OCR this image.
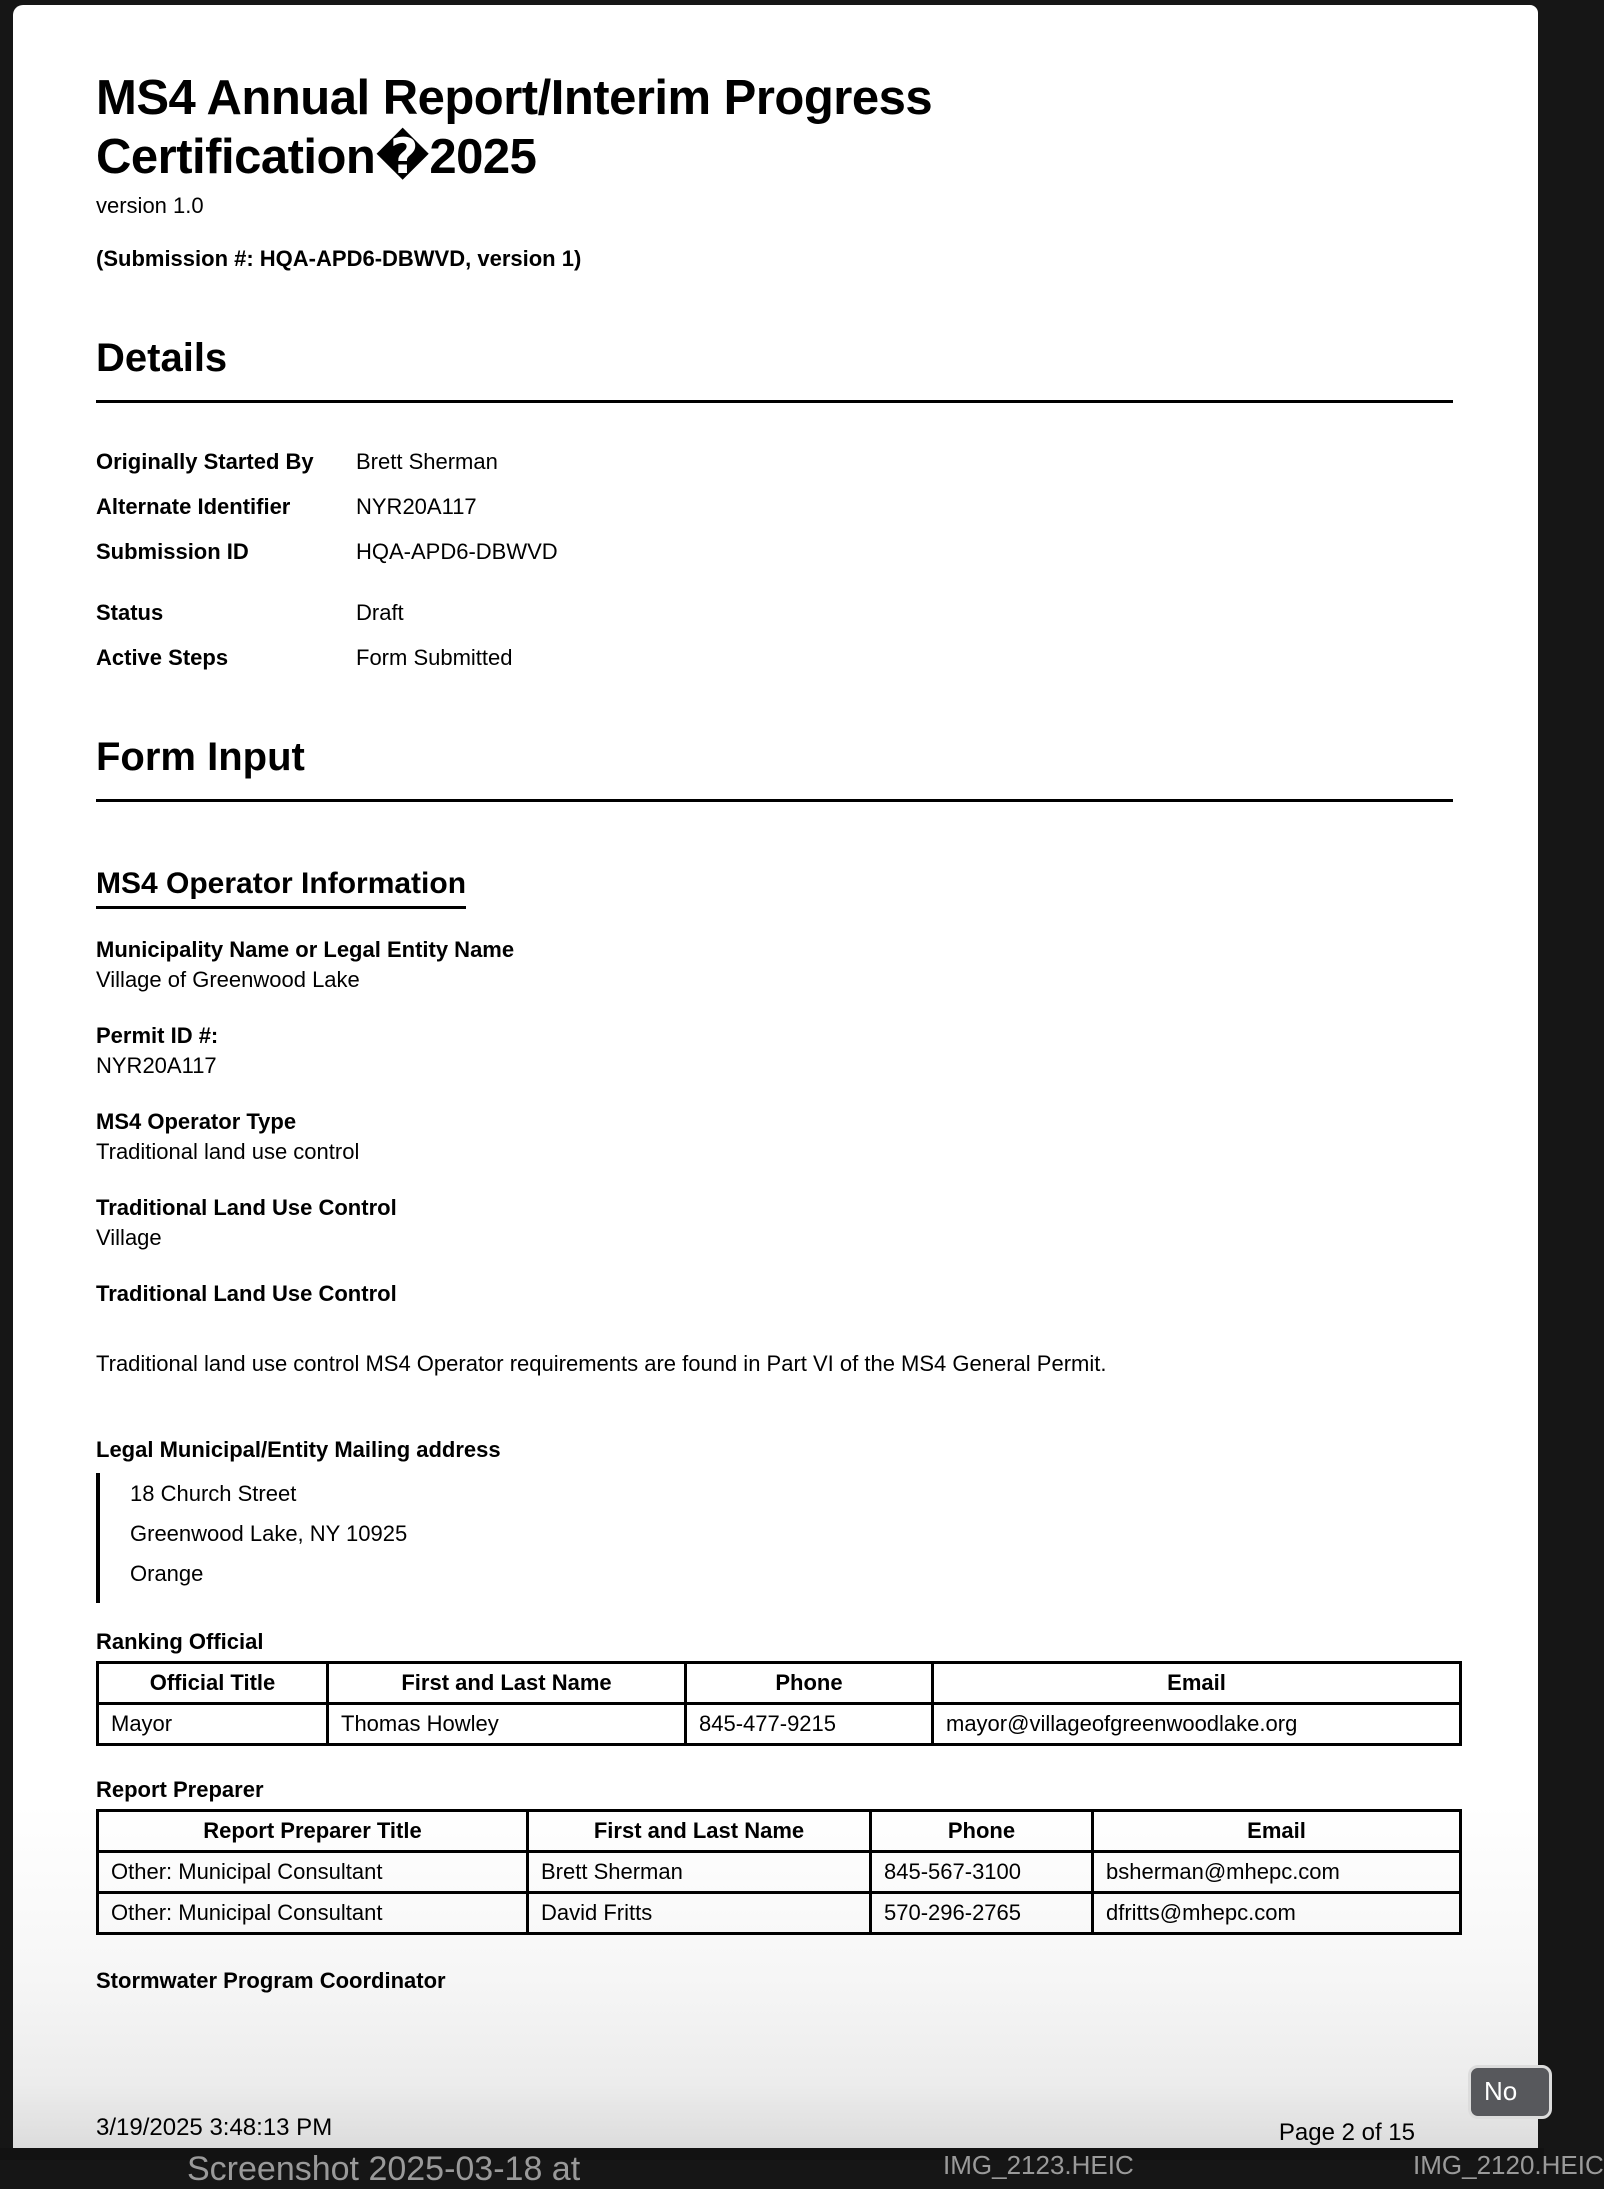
MS4 Annual Report/Interim Progress Certification�2025
version 1.0
(Submission #: HQA-APD6-DBWVD, version 1)
Details
Originally Started By	Brett Sherman
Alternate Identifier	NYR20A117
Submission ID	HQA-APD6-DBWVD
Status	Draft
Active Steps	Form Submitted
Form Input
MS4 Operator Information
Municipality Name or Legal Entity Name
Village of Greenwood Lake
Permit ID #:
NYR20A117
MS4 Operator Type
Traditional land use control
Traditional Land Use Control
Village
Traditional Land Use Control
Traditional land use control MS4 Operator requirements are found in Part VI of the MS4 General Permit.
Legal Municipal/Entity Mailing address
18 Church Street
Greenwood Lake, NY 10925
Orange
Ranking Official
Official Title	First and Last Name	Phone	Email
Mayor	Thomas Howley	845-477-9215	mayor@villageofgreenwoodlake.org
Report Preparer
Report Preparer Title	First and Last Name	Phone	Email
Other: Municipal Consultant	Brett Sherman	845-567-3100	bsherman@mhepc.com
Other: Municipal Consultant	David Fritts	570-296-2765	dfritts@mhepc.com
Stormwater Program Coordinator
3/19/2025 3:48:13 PM	Page 2 of 15
No
Screenshot 2025-03-18 at	IMG_2123.HEIC	IMG_2120.HEIC
